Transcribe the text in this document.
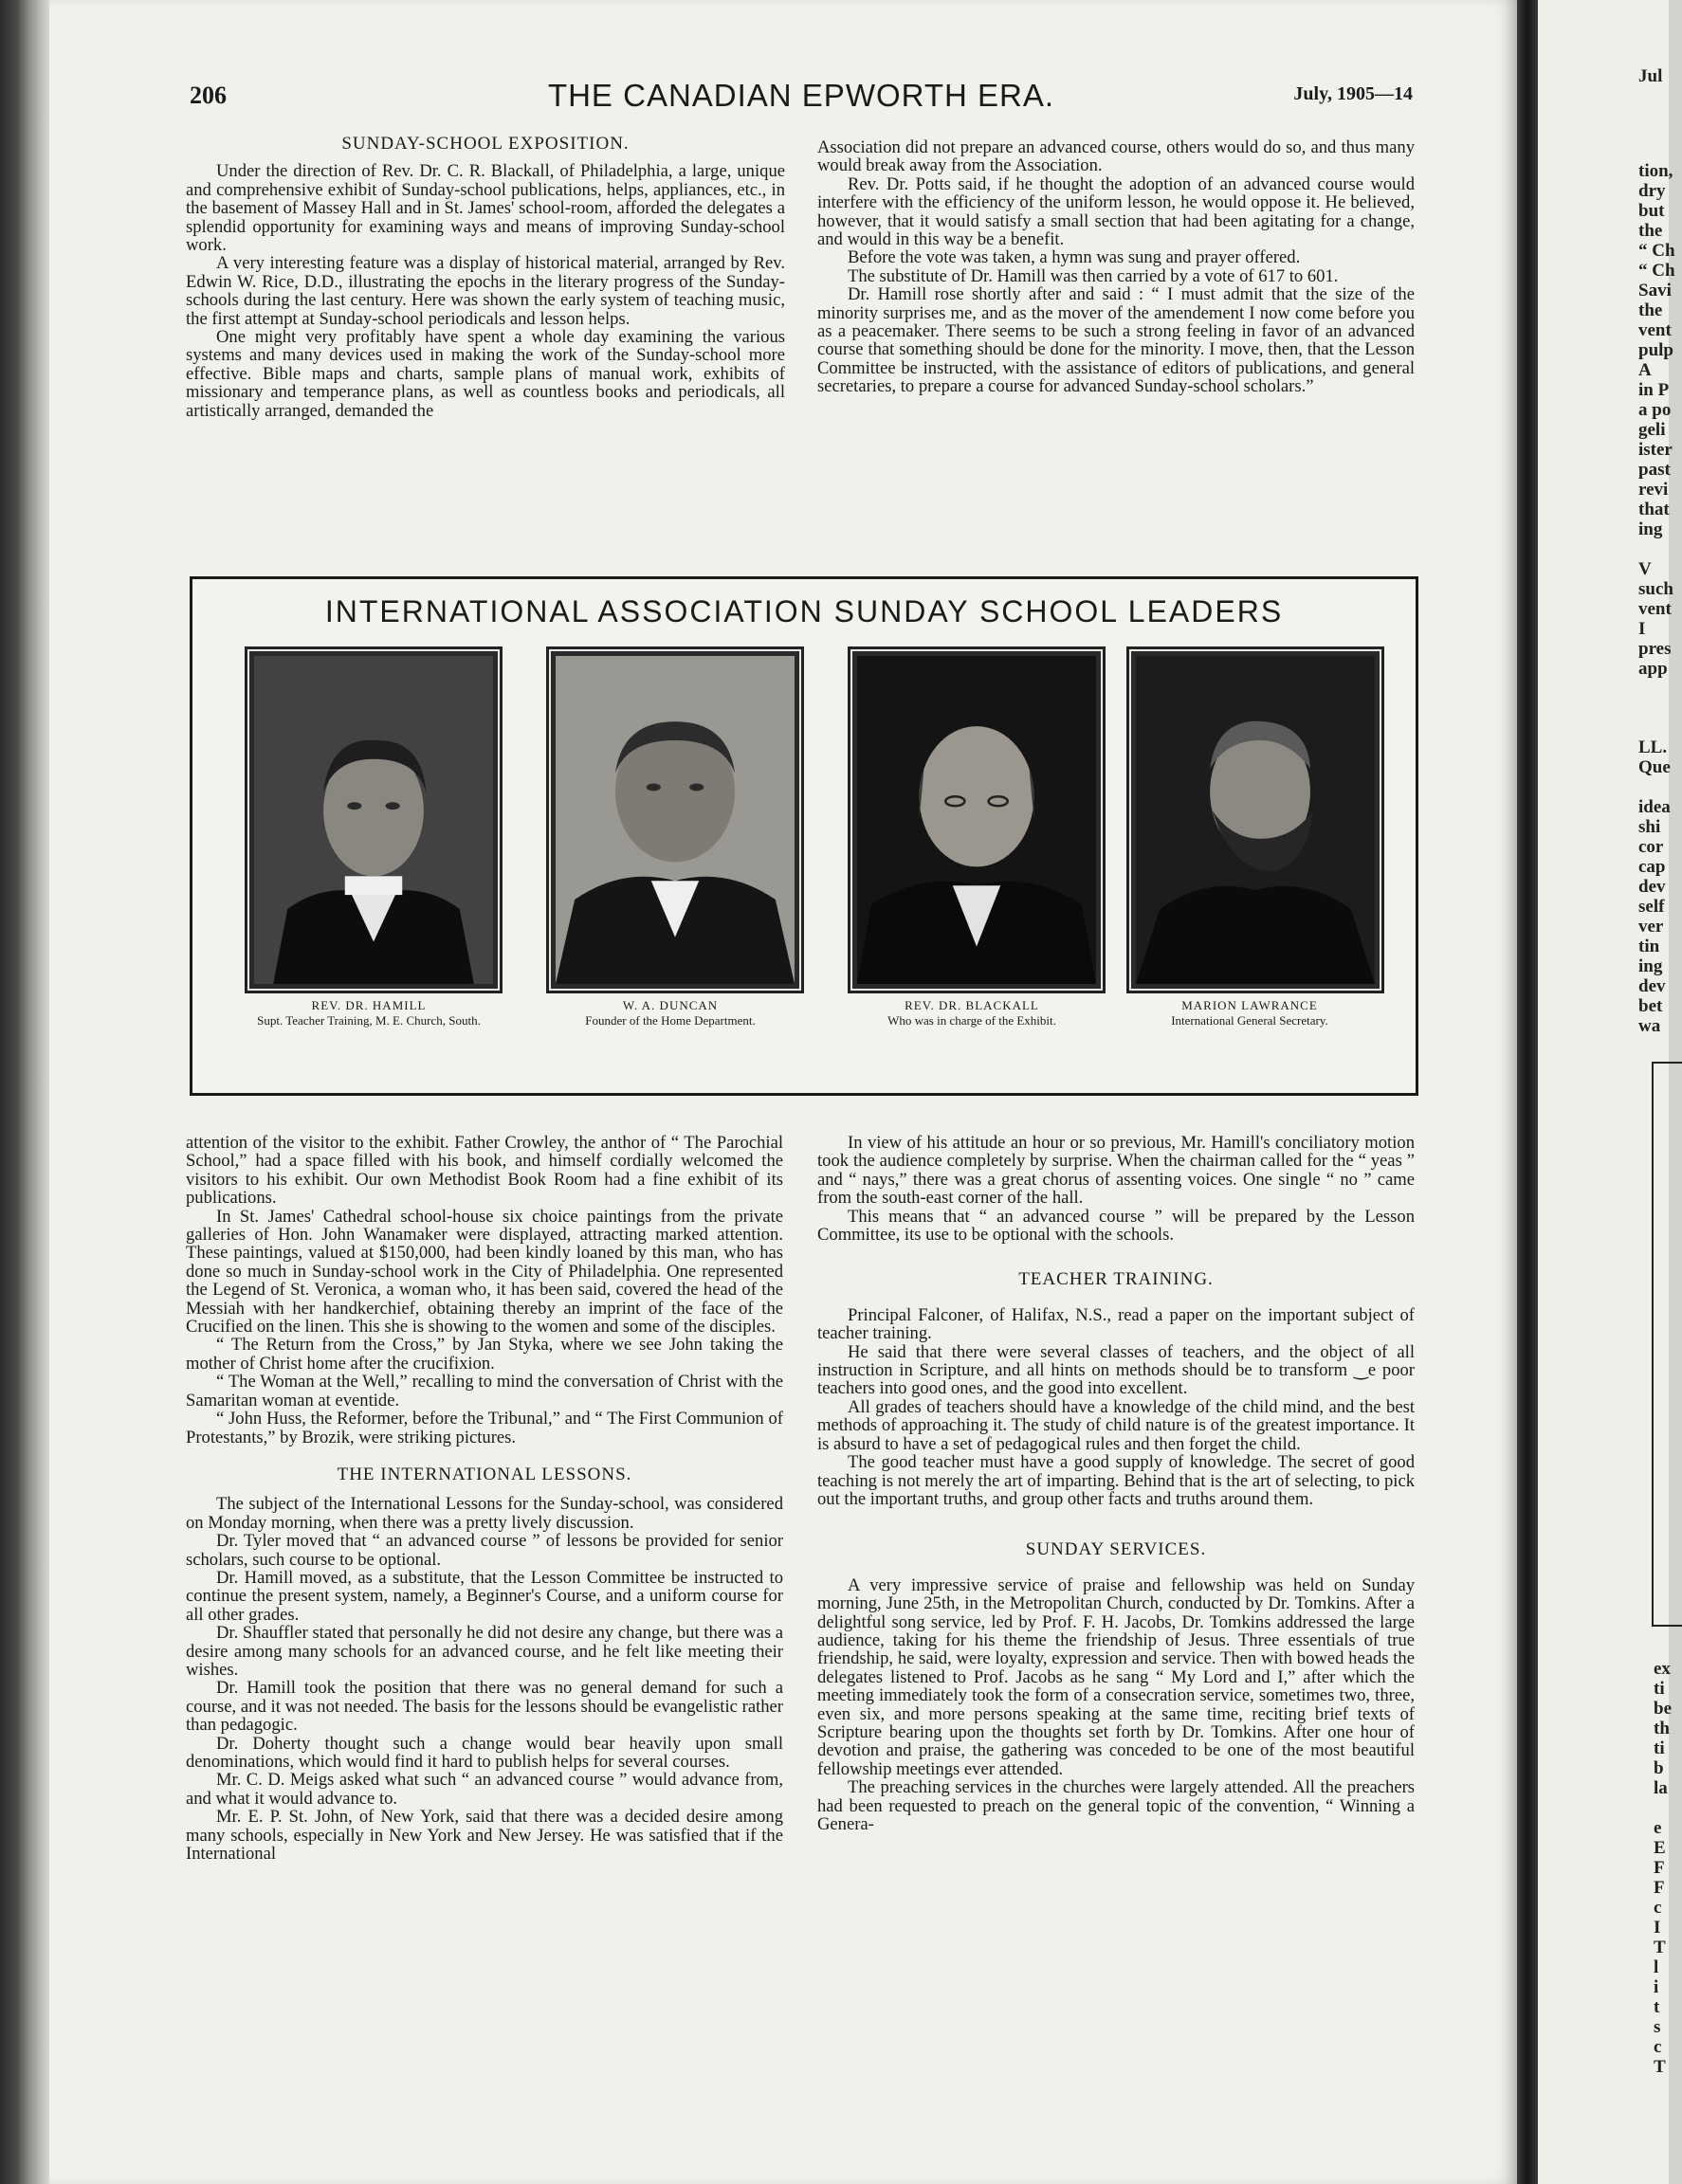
206	THE CANADIAN EPWORTH ERA.	July, 1905—14
SUNDAY-SCHOOL EXPOSITION.

Under the direction of Rev. Dr. C. R. Blackall, of Philadelphia, a large, unique and comprehensive exhibit of Sunday-school publications, helps, appliances, etc., in the basement of Massey Hall and in St. James' school-room, afforded the delegates a splendid opportunity for examining ways and means of improving Sunday-school work.

A very interesting feature was a display of historical material, arranged by Rev. Edwin W. Rice, D.D., illustrating the epochs in the literary progress of the Sunday-schools during the last century. Here was shown the early system of teaching music, the first attempt at Sunday-school periodicals and lesson helps.

One might very profitably have spent a whole day examining the various systems and many devices used in making the work of the Sunday-school more effective. Bible maps and charts, sample plans of manual work, exhibits of missionary and temperance plans, as well as countless books and periodicals, all artistically arranged, demanded the

Association did not prepare an advanced course, others would do so, and thus many would break away from the Association.

Rev. Dr. Potts said, if he thought the adoption of an advanced course would interfere with the efficiency of the uniform lesson, he would oppose it. He believed, however, that it would satisfy a small section that had been agitating for a change, and would in this way be a benefit.

Before the vote was taken, a hymn was sung and prayer offered.

The substitute of Dr. Hamill was then carried by a vote of 617 to 601.

Dr. Hamill rose shortly after and said : “ I must admit that the size of the minority surprises me, and as the mover of the amendement I now come before you as a peacemaker. There seems to be such a strong feeling in favor of an advanced course that something should be done for the minority. I move, then, that the Lesson Committee be instructed, with the assistance of editors of publications, and general secretaries, to prepare a course for advanced Sunday-school scholars.”

INTERNATIONAL ASSOCIATION SUNDAY SCHOOL LEADERS
REV. DR. HAMILL
Supt. Teacher Training, M. E. Church, South.
W. A. DUNCAN
Founder of the Home Department.
REV. DR. BLACKALL
Who was in charge of the Exhibit.
MARION LAWRANCE
International General Secretary.

attention of the visitor to the exhibit. Father Crowley, the anthor of “ The Parochial School,” had a space filled with his book, and himself cordially welcomed the visitors to his exhibit. Our own Methodist Book Room had a fine exhibit of its publications.

In St. James' Cathedral school-house six choice paintings from the private galleries of Hon. John Wanamaker were displayed, attracting marked attention. These paintings, valued at $150,000, had been kindly loaned by this man, who has done so much in Sunday-school work in the City of Philadelphia. One represented the Legend of St. Veronica, a woman who, it has been said, covered the head of the Messiah with her handkerchief, obtaining thereby an imprint of the face of the Crucified on the linen. This she is showing to the women and some of the disciples.

“ The Return from the Cross,” by Jan Styka, where we see John taking the mother of Christ home after the crucifixion.

“ The Woman at the Well,” recalling to mind the conversation of Christ with the Samaritan woman at eventide.

“ John Huss, the Reformer, before the Tribunal,” and “ The First Communion of Protestants,” by Brozik, were striking pictures.

THE INTERNATIONAL LESSONS.

The subject of the International Lessons for the Sunday-school, was considered on Monday morning, when there was a pretty lively discussion.

Dr. Tyler moved that “ an advanced course ” of lessons be provided for senior scholars, such course to be optional.

Dr. Hamill moved, as a substitute, that the Lesson Committee be instructed to continue the present system, namely, a Beginner's Course, and a uniform course for all other grades.

Dr. Shauffler stated that personally he did not desire any change, but there was a desire among many schools for an advanced course, and he felt like meeting their wishes.

Dr. Hamill took the position that there was no general demand for such a course, and it was not needed. The basis for the lessons should be evangelistic rather than pedagogic.

Dr. Doherty thought such a change would bear heavily upon small denominations, which would find it hard to publish helps for several courses.

Mr. C. D. Meigs asked what such “ an advanced course ” would advance from, and what it would advance to.

Mr. E. P. St. John, of New York, said that there was a decided desire among many schools, especially in New York and New Jersey. He was satisfied that if the International

In view of his attitude an hour or so previous, Mr. Hamill's conciliatory motion took the audience completely by surprise. When the chairman called for the “ yeas ” and “ nays,” there was a great chorus of assenting voices. One single “ no ” came from the south-east corner of the hall.

This means that “ an advanced course ” will be prepared by the Lesson Committee, its use to be optional with the schools.

TEACHER TRAINING.

Principal Falconer, of Halifax, N.S., read a paper on the important subject of teacher training.

He said that there were several classes of teachers, and the object of all instruction in Scripture, and all hints on methods should be to transform ‿e poor teachers into good ones, and the good into excellent.

All grades of teachers should have a knowledge of the child mind, and the best methods of approaching it. The study of child nature is of the greatest importance. It is absurd to have a set of pedagogical rules and then forget the child.

The good teacher must have a good supply of knowledge. The secret of good teaching is not merely the art of imparting. Behind that is the art of selecting, to pick out the important truths, and group other facts and truths around them.

SUNDAY SERVICES.

A very impressive service of praise and fellowship was held on Sunday morning, June 25th, in the Metropolitan Church, conducted by Dr. Tomkins. After a delightful song service, led by Prof. F. H. Jacobs, Dr. Tomkins addressed the large audience, taking for his theme the friendship of Jesus. Three essentials of true friendship, he said, were loyalty, expression and service. Then with bowed heads the delegates listened to Prof. Jacobs as he sang “ My Lord and I,” after which the meeting immediately took the form of a consecration service, sometimes two, three, even six, and more persons speaking at the same time, reciting brief texts of Scripture bearing upon the thoughts set forth by Dr. Tomkins. After one hour of devotion and praise, the gathering was conceded to be one of the most beautiful fellowship meetings ever attended.

The preaching services in the churches were largely attended. All the preachers had been requested to preach on the general topic of the convention, “ Winning a Genera-

Jul
tion,
dry
but
the
“ Ch
“ Ch
Savi
the
vent
pulp
A
in P
a po
geli
ister
past
revi
that
ing

V
such
vent
I
pres
app
LL.
Que

idea
shi
cor
cap
dev
self
ver
tin
ing
dev
bet
wa
ex
ti
be
th
ti
b
la

e
E
F
F
c
I
T
l
i
t
s
c
T
